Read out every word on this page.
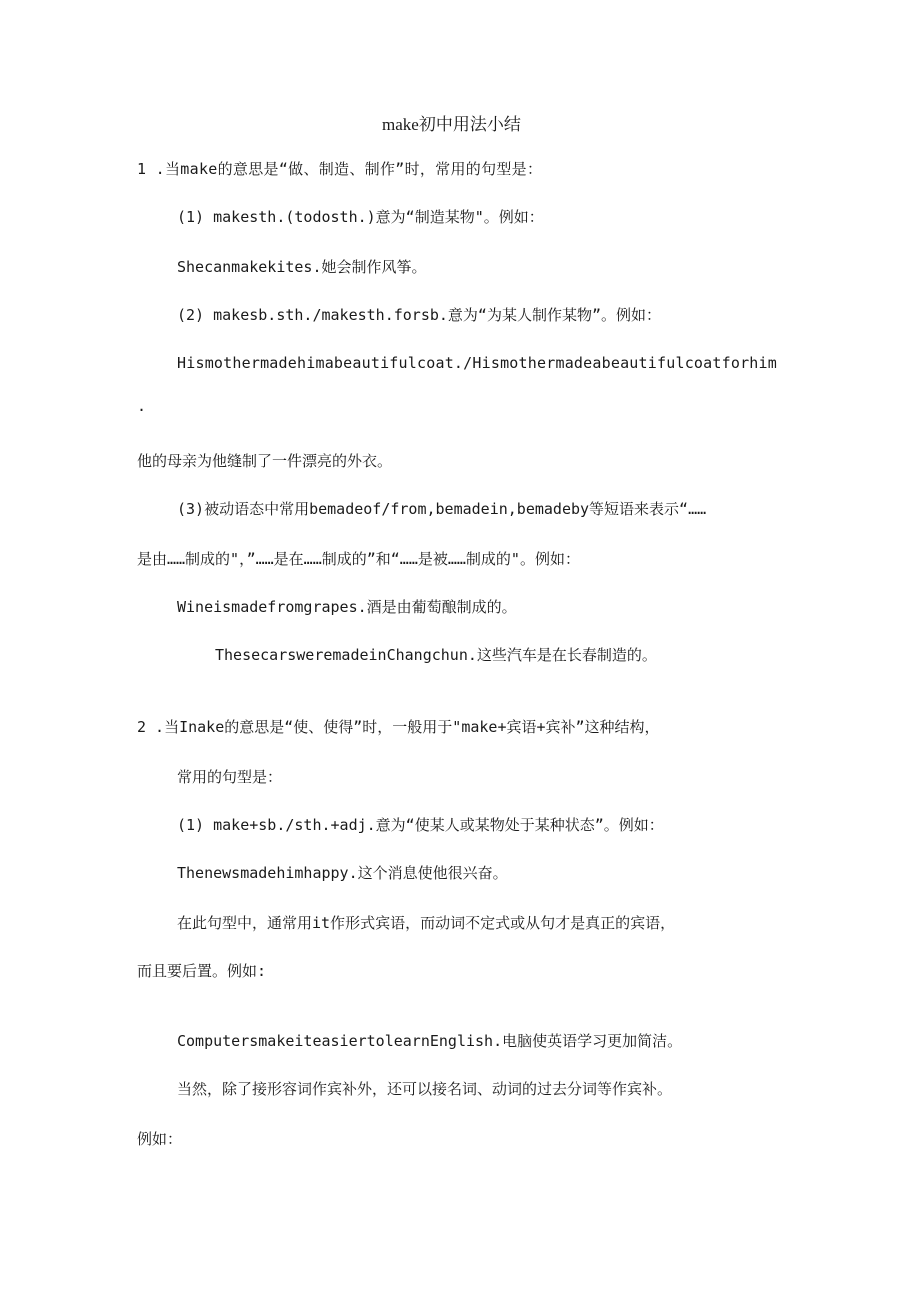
make初中用法小结
1 .当make的意思是“做、制造、制作”时，常用的句型是：
(1) makesth.(todosth.)意为“制造某物"。例如：
Shecanmakekites.她会制作风筝。
(2) makesb.sth./makesth.forsb.意为“为某人制作某物”。例如：
Hismothermadehimabeautifulcoat./Hismothermadeabeautifulcoatforhim
.
他的母亲为他缝制了一件漂亮的外衣。
(3)被动语态中常用bemadeof/from,bemadein,bemadeby等短语来表示“……
是由……制成的"，”……是在……制成的”和“……是被……制成的"。例如：
Wineismadefromgrapes.酒是由葡萄酿制成的。
ThesecarsweremadeinChangchun.这些汽车是在长春制造的。
2 .当Inake的意思是“使、使得”时，一般用于"make+宾语+宾补”这种结构，
常用的句型是：
(1) make+sb./sth.+adj.意为“使某人或某物处于某种状态”。例如：
Thenewsmadehimhappy.这个消息使他很兴奋。
在此句型中，通常用it作形式宾语，而动词不定式或从句才是真正的宾语，
而且要后置。例如:
ComputersmakeiteasiertolearnEnglish.电脑使英语学习更加简洁。
当然，除了接形容词作宾补外，还可以接名词、动词的过去分词等作宾补。
例如：
